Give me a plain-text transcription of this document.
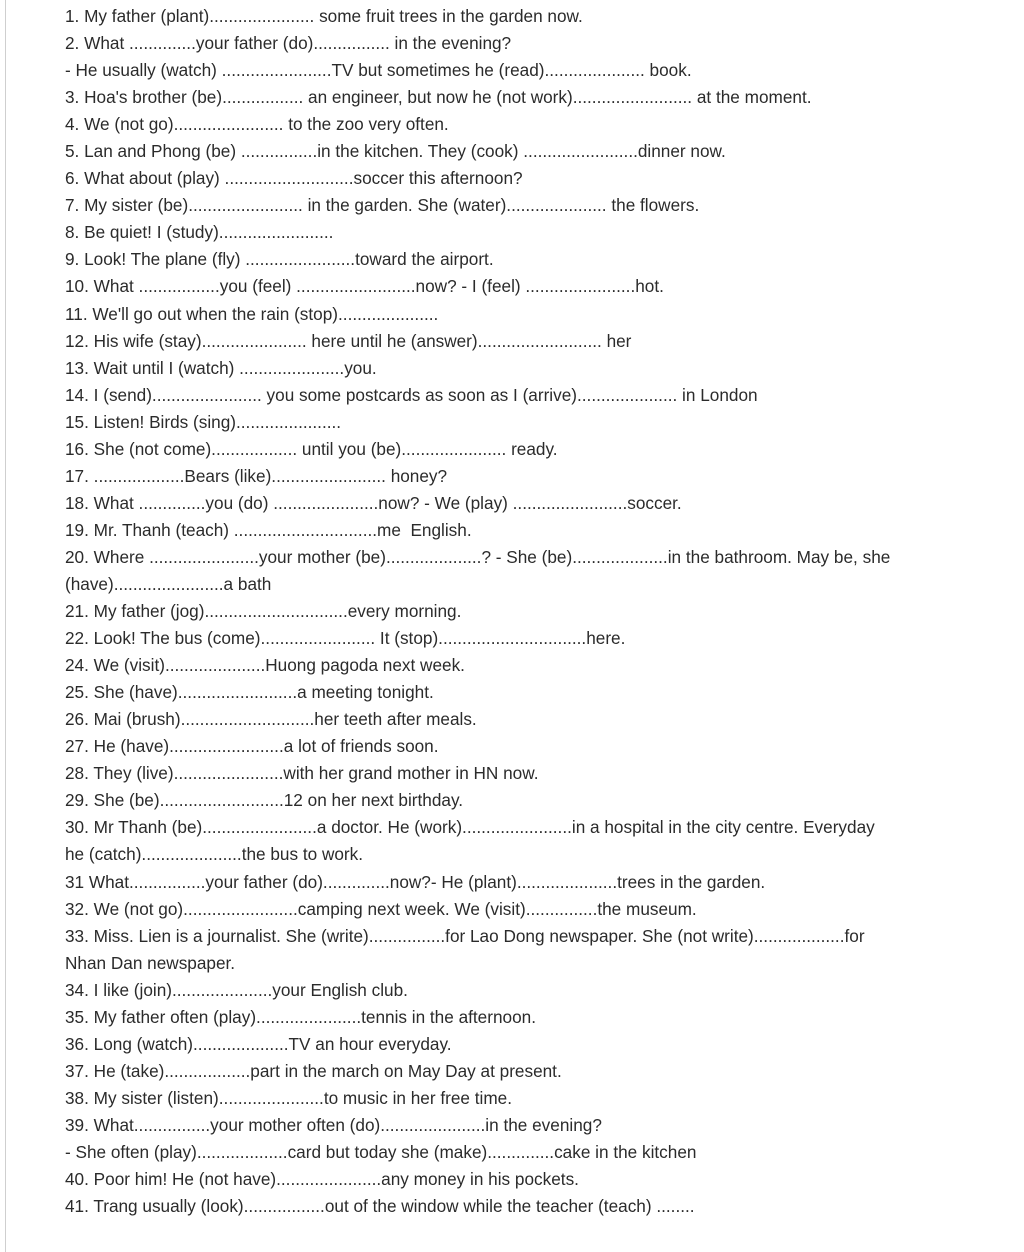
1. My father (plant)...................... some fruit trees in the garden now.
2. What ..............your father (do)................ in the evening?
- He usually (watch) .......................TV but sometimes he (read)..................... book.
3. Hoa's brother (be)................. an engineer, but now he (not work)......................... at the moment.
4. We (not go)....................... to the zoo very often.
5. Lan and Phong (be) ................in the kitchen. They (cook) ........................dinner now.
6. What about (play) ...........................soccer this afternoon?
7. My sister (be)........................ in the garden. She (water)..................... the flowers.
8. Be quiet! I (study)........................
9. Look! The plane (fly) .......................toward the airport.
10. What .................you (feel) .........................now? - I (feel) .......................hot.
11. We'll go out when the rain (stop).....................
12. His wife (stay)...................... here until he (answer).......................... her
13. Wait until I (watch) ......................you.
14. I (send)....................... you some postcards as soon as I (arrive)..................... in London
15. Listen! Birds (sing)......................
16. She (not come).................. until you (be)...................... ready.
17. ...................Bears (like)........................ honey?
18. What ..............you (do) ......................now? - We (play) ........................soccer.
19. Mr. Thanh (teach) ..............................me  English.
20. Where .......................your mother (be)....................? - She (be)....................in the bathroom. May be, she
(have).......................a bath
21. My father (jog)..............................every morning.
22. Look! The bus (come)........................ It (stop)...............................here.
24. We (visit).....................Huong pagoda next week.
25. She (have).........................a meeting tonight.
26. Mai (brush)............................her teeth after meals.
27. He (have)........................a lot of friends soon.
28. They (live).......................with her grand mother in HN now.
29. She (be)..........................12 on her next birthday.
30. Mr Thanh (be)........................a doctor. He (work).......................in a hospital in the city centre. Everyday
he (catch).....................the bus to work.
31 What................your father (do)..............now?- He (plant).....................trees in the garden.
32. We (not go)........................camping next week. We (visit)...............the museum.
33. Miss. Lien is a journalist. She (write)................for Lao Dong newspaper. She (not write)...................for
Nhan Dan newspaper.
34. I like (join).....................your English club.
35. My father often (play)......................tennis in the afternoon.
36. Long (watch)....................TV an hour everyday.
37. He (take)..................part in the march on May Day at present.
38. My sister (listen)......................to music in her free time.
39. What................your mother often (do)......................in the evening?
- She often (play)...................card but today she (make)..............cake in the kitchen
40. Poor him! He (not have)......................any money in his pockets.
41. Trang usually (look).................out of the window while the teacher (teach) ........
